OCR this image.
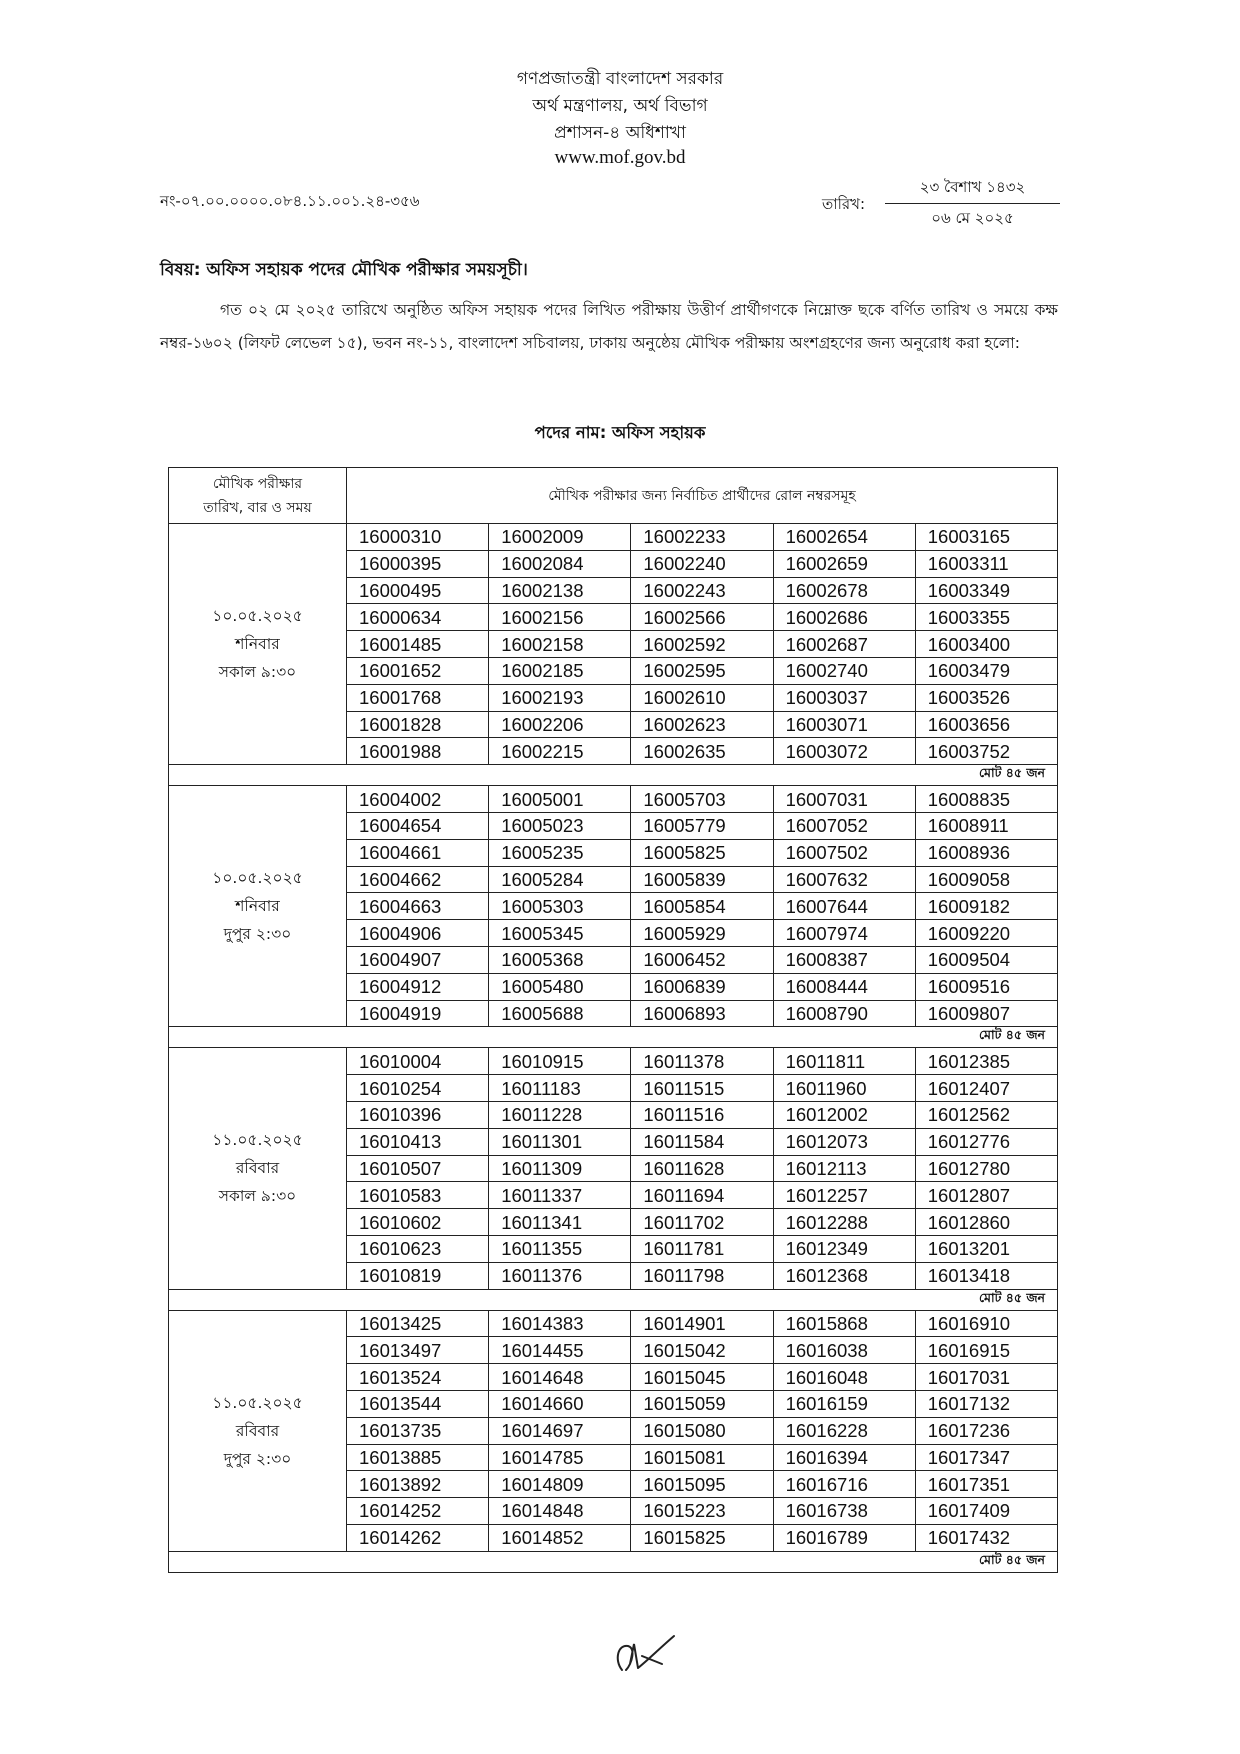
গণপ্রজাতন্ত্রী বাংলাদেশ সরকার
অর্থ মন্ত্রণালয়, অর্থ বিভাগ
প্রশাসন-৪ অধিশাখা
www.mof.gov.bd
নং-০৭.০০.০০০০.০৮৪.১১.০০১.২৪-৩৫৬	তারিখ:
২৩ বৈশাখ ১৪৩২
০৬ মে ২০২৫
বিষয়: অফিস সহায়ক পদের মৌখিক পরীক্ষার সময়সূচী।
গত ০২ মে ২০২৫ তারিখে অনুষ্ঠিত অফিস সহায়ক পদের লিখিত পরীক্ষায় উত্তীর্ণ প্রার্থীগণকে নিম্নোক্ত ছকে বর্ণিত তারিখ ও সময়ে কক্ষ নম্বর-১৬০২ (লিফট লেভেল ১৫), ভবন নং-১১, বাংলাদেশ সচিবালয়, ঢাকায় অনুষ্ঠেয় মৌখিক পরীক্ষায় অংশগ্রহণের জন্য অনুরোধ করা হলো:
পদের নাম: অফিস সহায়ক
মৌখিক পরীক্ষার
তারিখ, বার ও সময়	মৌখিক পরীক্ষার জন্য নির্বাচিত প্রার্থীদের রোল নম্বরসমূহ				
১০.০৫.২০২৫
শনিবার
সকাল ৯:৩০	16000310	16002009	16002233	16002654	16003165
	16000395	16002084	16002240	16002659	16003311
	16000495	16002138	16002243	16002678	16003349
	16000634	16002156	16002566	16002686	16003355
	16001485	16002158	16002592	16002687	16003400
	16001652	16002185	16002595	16002740	16003479
	16001768	16002193	16002610	16003037	16003526
	16001828	16002206	16002623	16003071	16003656
	16001988	16002215	16002635	16003072	16003752
মোট ৪৫ জন					
১০.০৫.২০২৫
শনিবার
দুপুর ২:৩০	16004002	16005001	16005703	16007031	16008835
	16004654	16005023	16005779	16007052	16008911
	16004661	16005235	16005825	16007502	16008936
	16004662	16005284	16005839	16007632	16009058
	16004663	16005303	16005854	16007644	16009182
	16004906	16005345	16005929	16007974	16009220
	16004907	16005368	16006452	16008387	16009504
	16004912	16005480	16006839	16008444	16009516
	16004919	16005688	16006893	16008790	16009807
মোট ৪৫ জন					
১১.০৫.২০২৫
রবিবার
সকাল ৯:৩০	16010004	16010915	16011378	16011811	16012385
	16010254	16011183	16011515	16011960	16012407
	16010396	16011228	16011516	16012002	16012562
	16010413	16011301	16011584	16012073	16012776
	16010507	16011309	16011628	16012113	16012780
	16010583	16011337	16011694	16012257	16012807
	16010602	16011341	16011702	16012288	16012860
	16010623	16011355	16011781	16012349	16013201
	16010819	16011376	16011798	16012368	16013418
মোট ৪৫ জন					
১১.০৫.২০২৫
রবিবার
দুপুর ২:৩০	16013425	16014383	16014901	16015868	16016910
	16013497	16014455	16015042	16016038	16016915
	16013524	16014648	16015045	16016048	16017031
	16013544	16014660	16015059	16016159	16017132
	16013735	16014697	16015080	16016228	16017236
	16013885	16014785	16015081	16016394	16017347
	16013892	16014809	16015095	16016716	16017351
	16014252	16014848	16015223	16016738	16017409
	16014262	16014852	16015825	16016789	16017432
মোট ৪৫ জন					
